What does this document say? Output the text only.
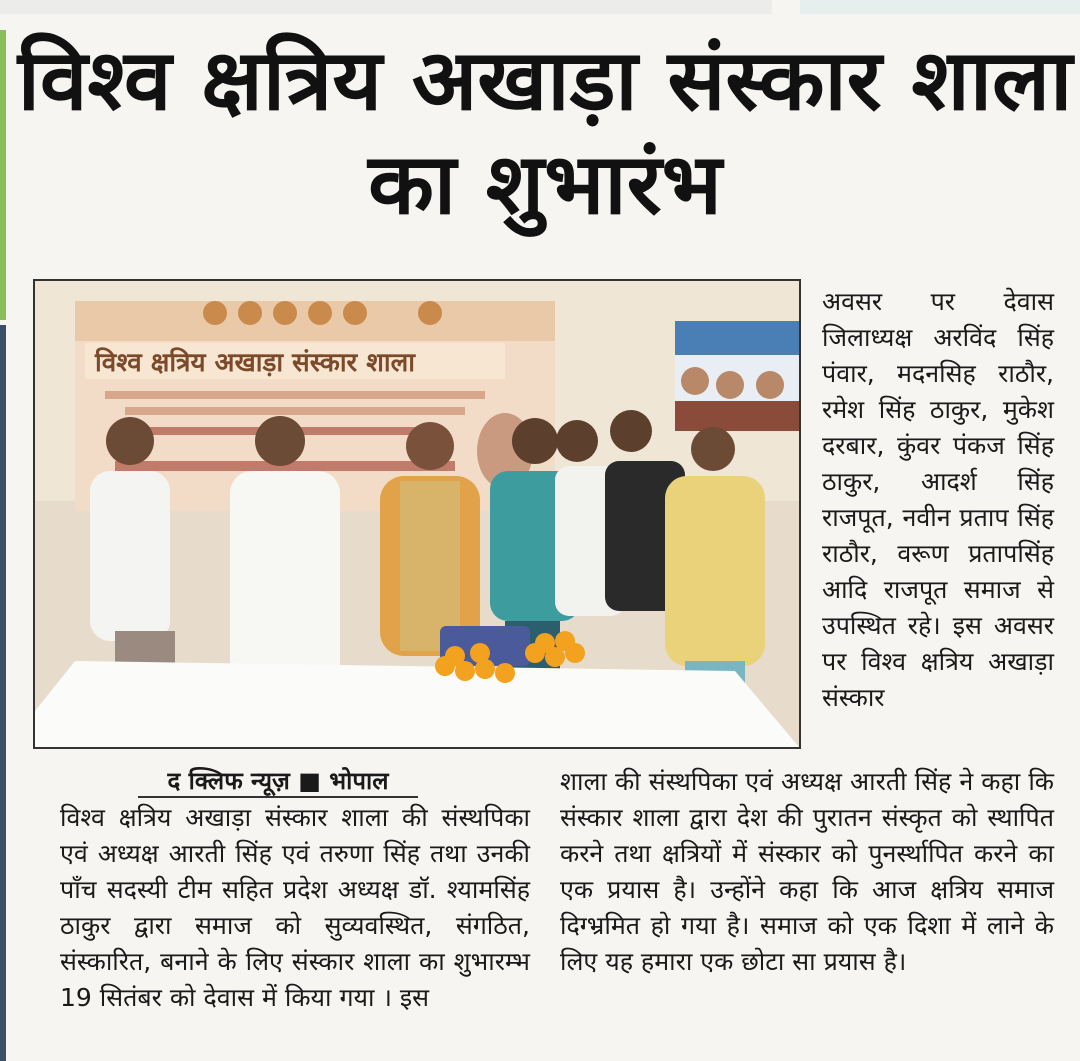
विश्व क्षत्रिय अखाड़ा संस्कार शाला का शुभारंभ
विश्व क्षत्रिय अखाड़ा संस्कार शाला

अवसर पर देवास जिलाध्यक्ष अरविंद सिंह पंवार, मदनसिह राठौर, रमेश सिंह ठाकुर, मुकेश दरबार, कुंवर पंकज सिंह ठाकुर, आदर्श सिंह राजपूत, नवीन प्रताप सिंह राठौर, वरूण प्रतापसिंह आदि राजपूत समाज से उपस्थित रहे। इस अवसर पर विश्व क्षत्रिय अखाड़ा संस्कार

द क्लिफ न्यूज़ ■ भोपाल

विश्व क्षत्रिय अखाड़ा संस्कार शाला की संस्थपिका एवं अध्यक्ष आरती सिंह एवं तरुणा सिंह तथा उनकी पाँच सदस्यी टीम सहित प्रदेश अध्यक्ष डॉ. श्यामसिंह ठाकुर द्वारा समाज को सुव्यवस्थित, संगठित, संस्कारित, बनाने के लिए संस्कार शाला का शुभारम्भ 19 सितंबर को देवास में किया गया । इस

शाला की संस्थपिका एवं अध्यक्ष आरती सिंह ने कहा कि संस्कार शाला द्वारा देश की पुरातन संस्कृत को स्थापित करने तथा क्षत्रियों में संस्कार को पुनर्स्थापित करने का एक प्रयास है। उन्होंने कहा कि आज क्षत्रिय समाज दिग्भ्रमित हो गया है। समाज को एक दिशा में लाने के लिए यह हमारा एक छोटा सा प्रयास है।
